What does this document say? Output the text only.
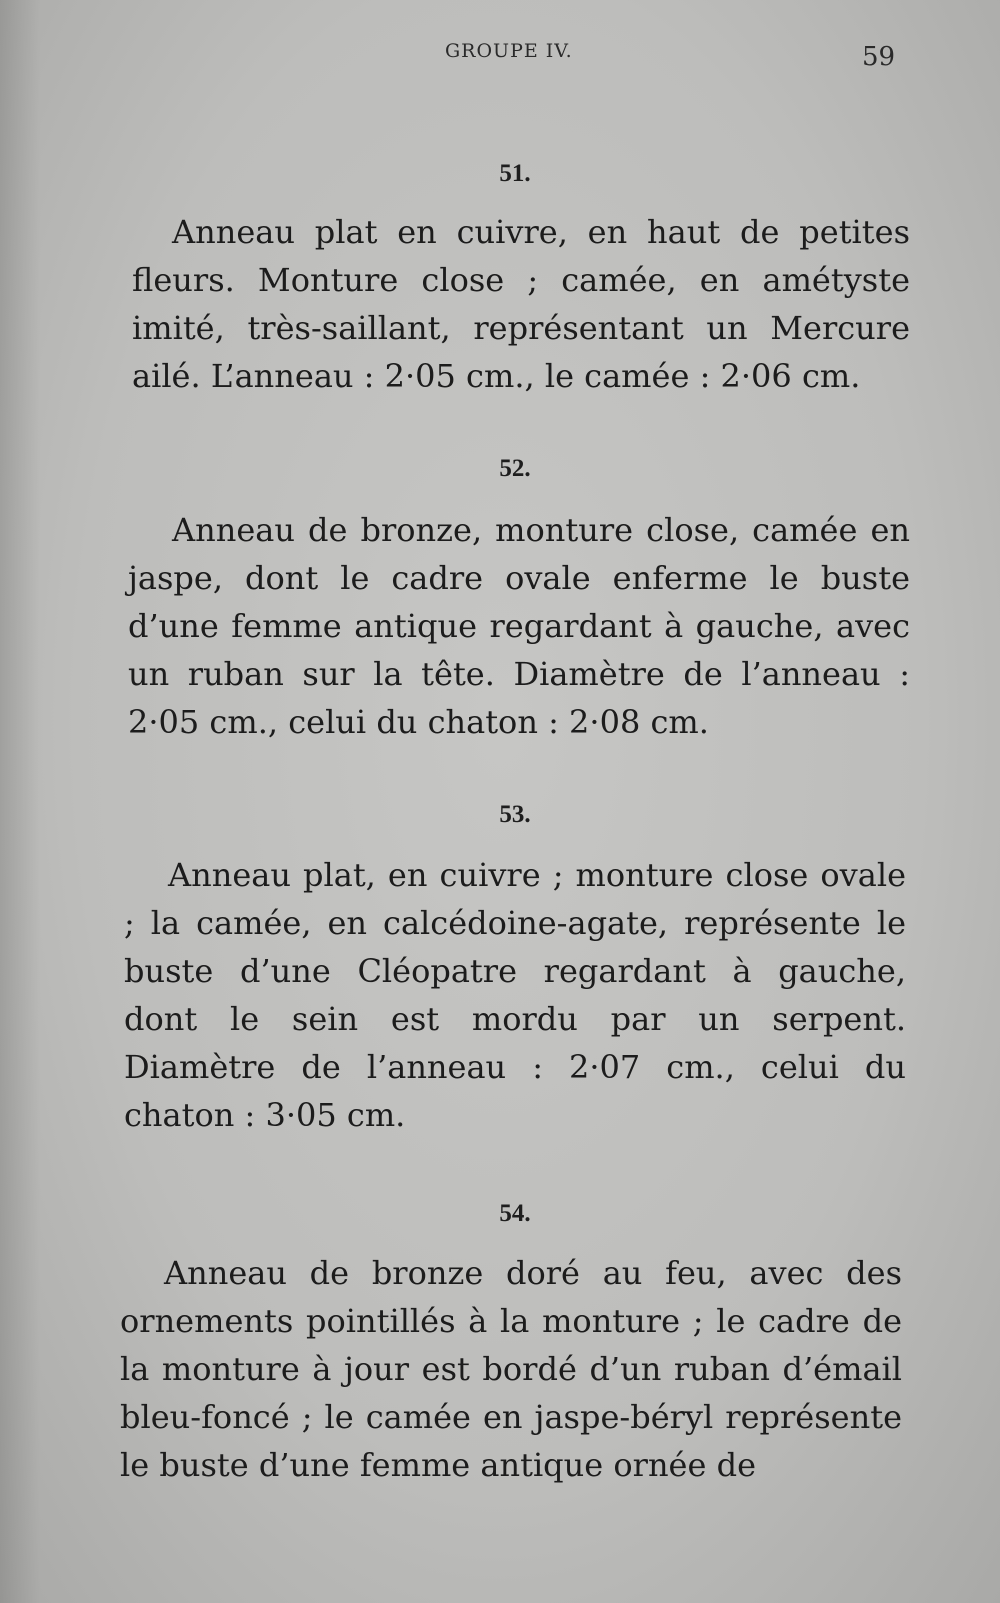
GROUPE IV.	59
51.

Anneau plat en cuivre, en haut de petites fleurs. Monture close ; camée, en amétyste imité, très-saillant, représentant un Mercure ailé. L’anneau : 2·05 cm., le camée : 2·06 cm.

52.

Anneau de bronze, monture close, camée en jaspe, dont le cadre ovale enferme le buste d’une femme antique regardant à gauche, avec un ruban sur la tête. Diamètre de l’anneau : 2·05 cm., celui du chaton : 2·08 cm.

53.

Anneau plat, en cuivre ; monture close ovale ; la camée, en calcédoine-agate, représente le buste d’une Cléopatre regardant à gauche, dont le sein est mordu par un serpent. Diamètre de l’anneau : 2·07 cm., celui du chaton : 3·05 cm.

54.

Anneau de bronze doré au feu, avec des ornements pointillés à la monture ; le cadre de la monture à jour est bordé d’un ruban d’émail bleu-foncé ; le camée en jaspe-béryl représente le buste d’une femme antique ornée de
